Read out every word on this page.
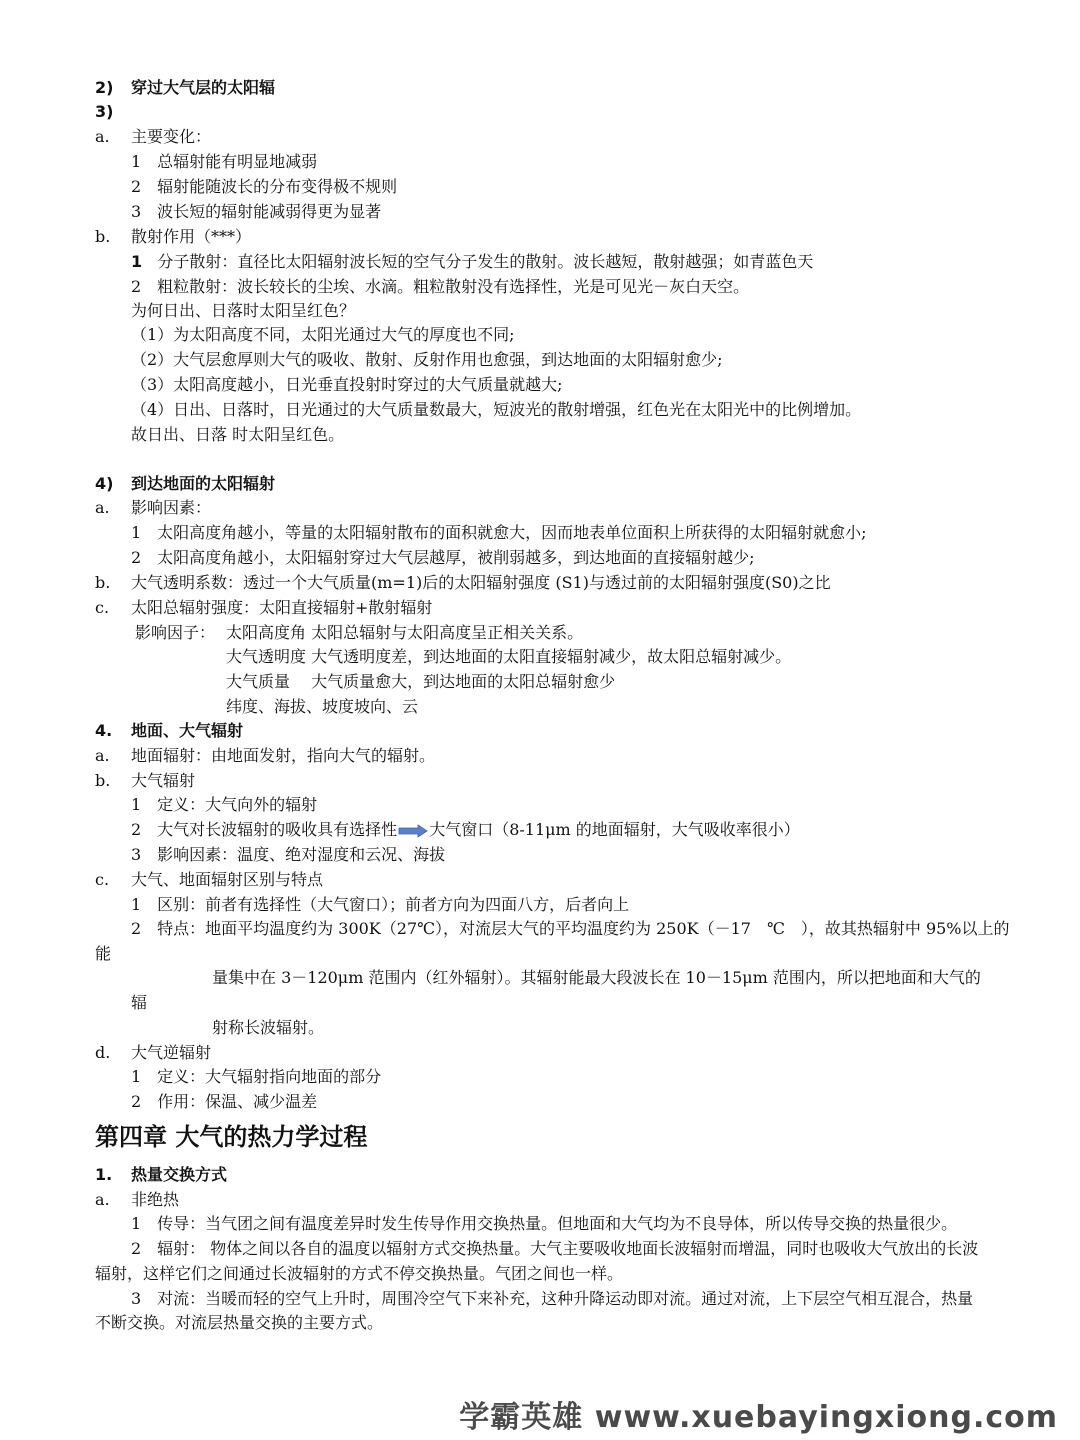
2) 穿过大气层的太阳辐
3)
a. 主要变化：
1　总辐射能有明显地减弱
2　辐射能随波长的分布变得极不规则
3　波长短的辐射能减弱得更为显著
b. 散射作用（***）
1 分子散射：直径比太阳辐射波长短的空气分子发生的散射。波长越短，散射越强；如青蓝色天
2　粗粒散射：波长较长的尘埃、水滴。粗粒散射没有选择性，光是可见光－灰白天空。
为何日出、日落时太阳呈红色？
（1）为太阳高度不同，太阳光通过大气的厚度也不同;
（2）大气层愈厚则大气的吸收、散射、反射作用也愈强，到达地面的太阳辐射愈少;
（3）太阳高度越小，日光垂直投射时穿过的大气质量就越大;
（4）日出、日落时，日光通过的大气质量数最大，短波光的散射增强，红色光在太阳光中的比例增加。
故日出、日落 时太阳呈红色。
4) 到达地面的太阳辐射
a. 影响因素：
1　太阳高度角越小，等量的太阳辐射散布的面积就愈大，因而地表单位面积上所获得的太阳辐射就愈小;
2　太阳高度角越小，太阳辐射穿过大气层越厚，被削弱越多，到达地面的直接辐射越少;
b. 大气透明系数：透过一个大气质量(m=1)后的太阳辐射强度 (S1)与透过前的太阳辐射强度(S0)之比
c. 太阳总辐射强度：太阳直接辐射+散射辐射
影响因子： 太阳高度角 太阳总辐射与太阳高度呈正相关关系。
大气透明度 大气透明度差，到达地面的太阳直接辐射减少，故太阳总辐射减少。
大气质量　 大气质量愈大，到达地面的太阳总辐射愈少
纬度、海拔、坡度坡向、云
4. 地面、大气辐射
a. 地面辐射：由地面发射，指向大气的辐射。
b. 大气辐射
1　定义：大气向外的辐射
2　大气对长波辐射的吸收具有选择性 大气窗口（8-11μm 的地面辐射，大气吸收率很小）
3　影响因素：温度、绝对湿度和云况、海拔
c. 大气、地面辐射区别与特点
1　区别：前者有选择性（大气窗口）；前者方向为四面八方，后者向上
2　特点：地面平均温度约为 300K（27℃），对流层大气的平均温度约为 250K（－17　℃　），故其热辐射中 95%以上的
能
量集中在 3－120μm 范围内（红外辐射）。其辐射能最大段波长在 10－15μm 范围内，所以把地面和大气的
辐
射称长波辐射。
d. 大气逆辐射
1　定义：大气辐射指向地面的部分
2　作用：保温、减少温差
第四章 大气的热力学过程
1. 热量交换方式
a. 非绝热
1　传导：当气团之间有温度差异时发生传导作用交换热量。但地面和大气均为不良导体，所以传导交换的热量很少。
2　辐射： 物体之间以各自的温度以辐射方式交换热量。大气主要吸收地面长波辐射而增温，同时也吸收大气放出的长波
辐射，这样它们之间通过长波辐射的方式不停交换热量。气团之间也一样。
3　对流：当暖而轻的空气上升时，周围冷空气下来补充，这种升降运动即对流。通过对流，上下层空气相互混合，热量
不断交换。对流层热量交换的主要方式。
学霸英雄 www.xuebayingxiong.com
